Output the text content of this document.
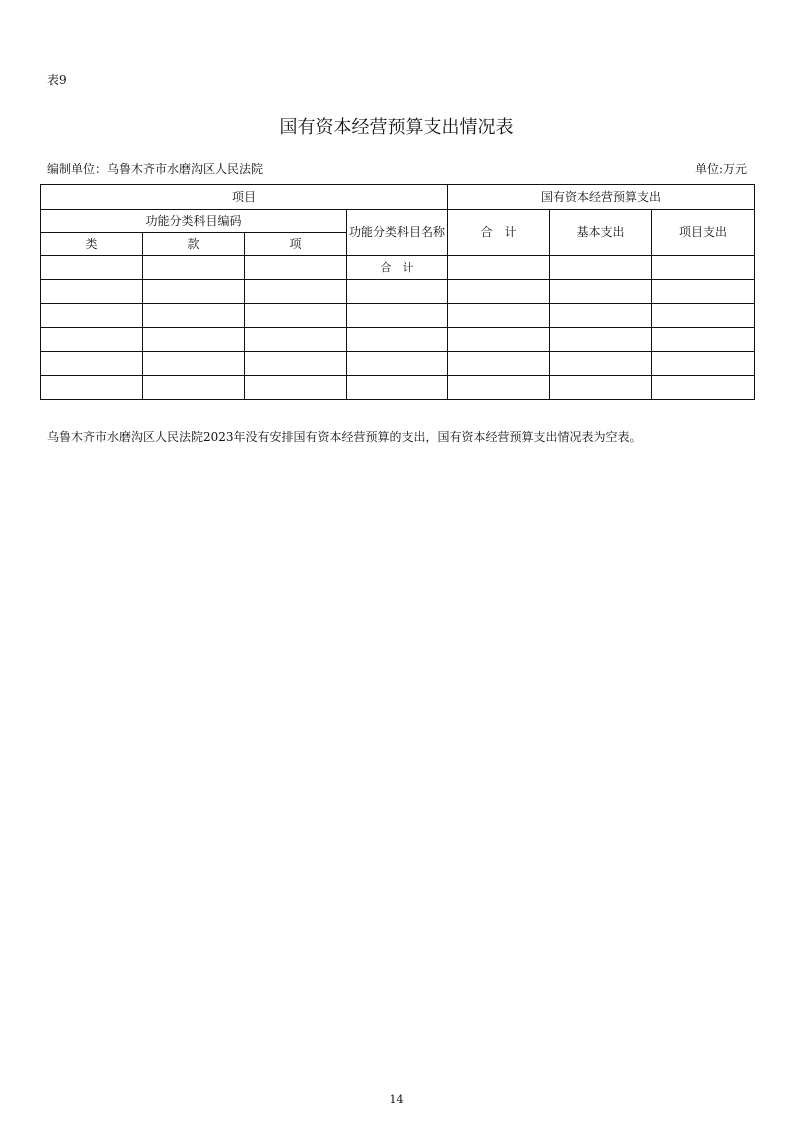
表9
国有资本经营预算支出情况表
编制单位：乌鲁木齐市水磨沟区人民法院	单位:万元
项目				国有资本经营预算支出		
功能分类科目编码			功能分类科目名称	合　计	基本支出	项目支出
类	款	项				
			合　计			

乌鲁木齐市水磨沟区人民法院2023年没有安排国有资本经营预算的支出，国有资本经营预算支出情况表为空表。
14
